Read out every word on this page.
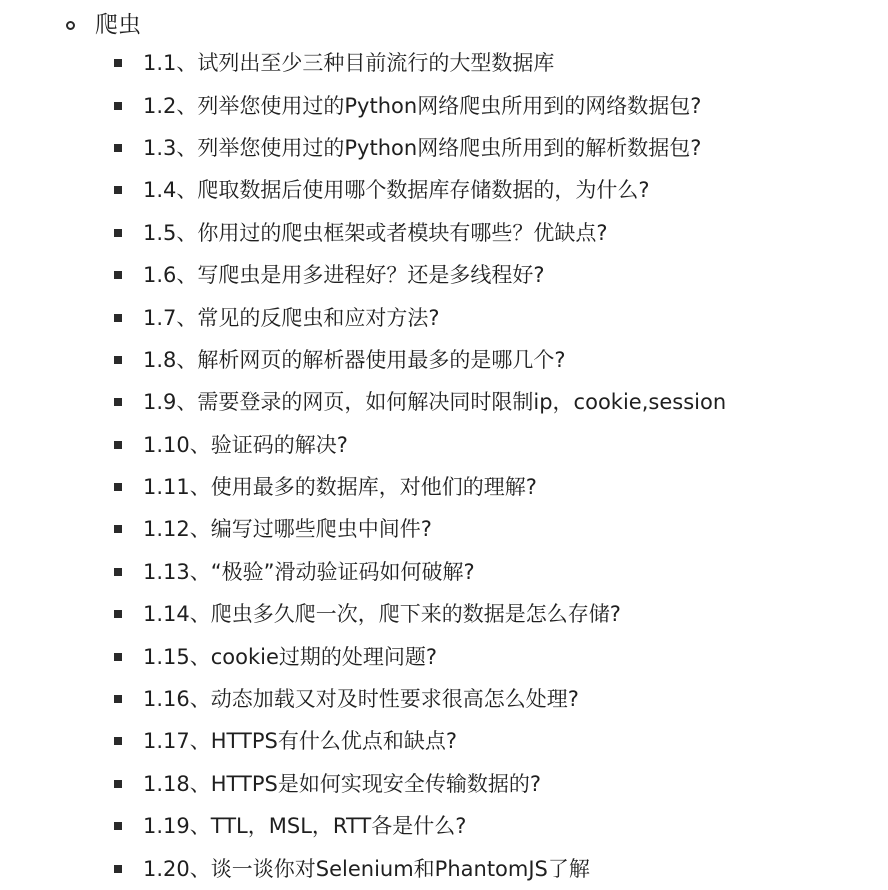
爬虫
1.1、试列出至少三种目前流行的大型数据库
1.2、列举您使用过的Python网络爬虫所用到的网络数据包?
1.3、列举您使用过的Python网络爬虫所用到的解析数据包?
1.4、爬取数据后使用哪个数据库存储数据的，为什么?
1.5、你用过的爬虫框架或者模块有哪些？优缺点?
1.6、写爬虫是用多进程好？还是多线程好?
1.7、常见的反爬虫和应对方法?
1.8、解析网页的解析器使用最多的是哪几个?
1.9、需要登录的网页，如何解决同时限制ip，cookie,session
1.10、验证码的解决?
1.11、使用最多的数据库，对他们的理解?
1.12、编写过哪些爬虫中间件?
1.13、“极验”滑动验证码如何破解?
1.14、爬虫多久爬一次，爬下来的数据是怎么存储?
1.15、cookie过期的处理问题?
1.16、动态加载又对及时性要求很高怎么处理?
1.17、HTTPS有什么优点和缺点?
1.18、HTTPS是如何实现安全传输数据的?
1.19、TTL，MSL，RTT各是什么?
1.20、谈一谈你对Selenium和PhantomJS了解
